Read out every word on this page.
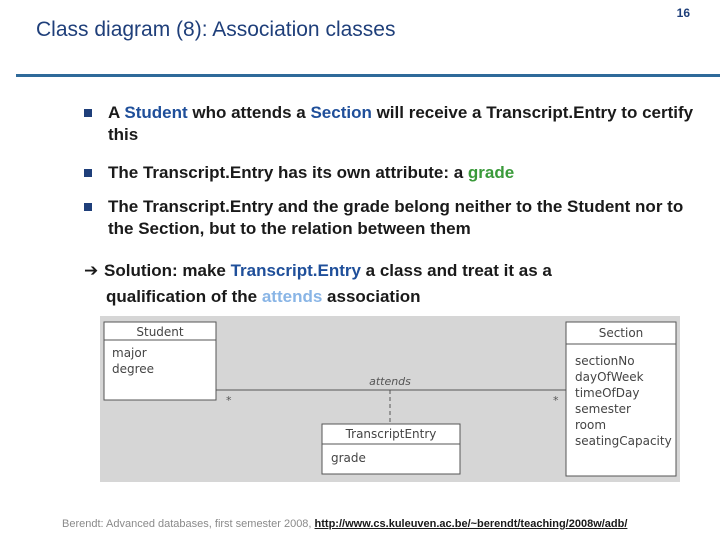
Class diagram (8): Association classes
16
A Student who attends a Section will receive a Transcript.Entry to certify this
The Transcript.Entry has its own attribute: a grade
The Transcript.Entry and the grade belong neither to the Student nor to the Section, but to the relation between them
➔ Solution: make Transcript.Entry a class and treat it as a
qualification of the attends association
Student
major
degree
Section
sectionNo
dayOfWeek
timeOfDay
semester
room
seatingCapacity
attends
*	*
TranscriptEntry
grade
Berendt: Advanced databases, first semester 2008, http://www.cs.kuleuven.ac.be/~berendt/teaching/2008w/adb/
